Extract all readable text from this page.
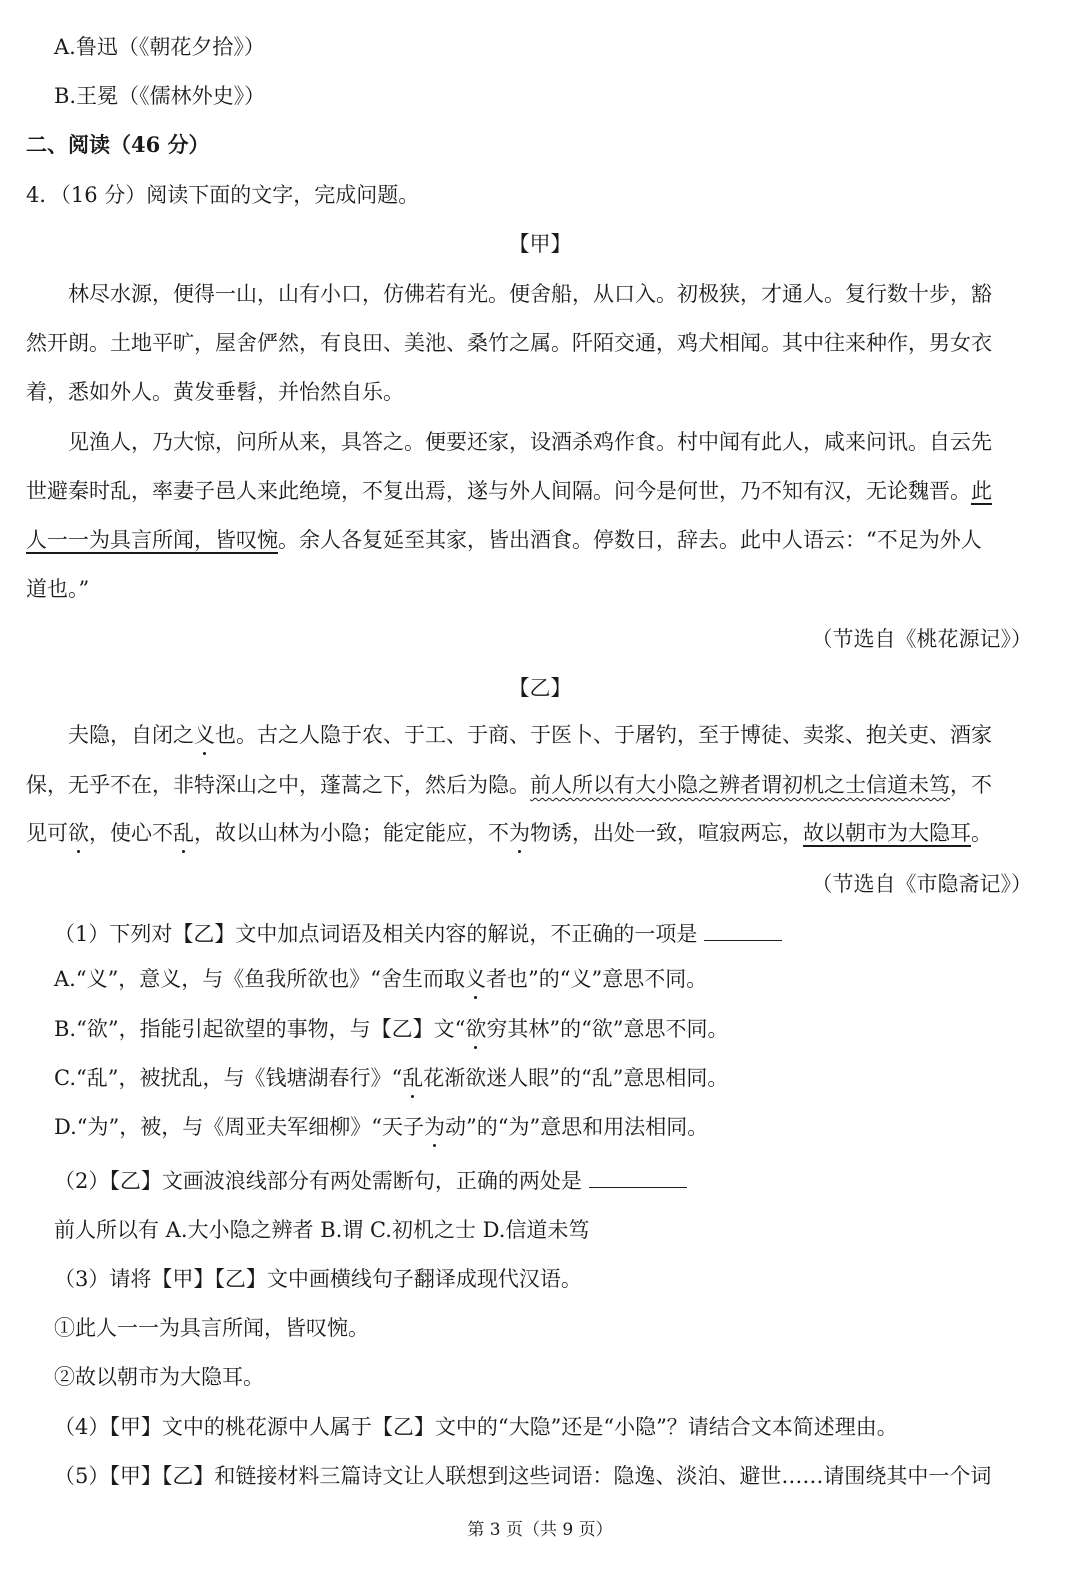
A.鲁迅（《朝花夕拾》）
B.王冕（《儒林外史》）
二、阅读（46 分）
4．（16 分）阅读下面的文字，完成问题。
【甲】
林尽水源，便得一山，山有小口，仿佛若有光。便舍船，从口入。初极狭，才通人。复行数十步，豁
然开朗。土地平旷，屋舍俨然，有良田、美池、桑竹之属。阡陌交通，鸡犬相闻。其中往来种作，男女衣
着，悉如外人。黄发垂髫，并怡然自乐。
见渔人，乃大惊，问所从来，具答之。便要还家，设酒杀鸡作食。村中闻有此人，咸来问讯。自云先
世避秦时乱，率妻子邑人来此绝境，不复出焉，遂与外人间隔。问今是何世，乃不知有汉，无论魏晋。此
人一一为具言所闻，皆叹惋。余人各复延至其家，皆出酒食。停数日，辞去。此中人语云：“不足为外人
道也。”
（节选自《桃花源记》）
【乙】
夫隐，自闭之义也。古之人隐于农、于工、于商、于医卜、于屠钓，至于博徒、卖浆、抱关吏、酒家
保，无乎不在，非特深山之中，蓬蒿之下，然后为隐。前人所以有大小隐之辨者谓初机之士信道未笃，不
见可欲，使心不乱，故以山林为小隐；能定能应，不为物诱，出处一致，喧寂两忘，故以朝市为大隐耳。
（节选自《市隐斋记》）
（1）下列对【乙】文中加点词语及相关内容的解说，不正确的一项是
A.“义”，意义，与《鱼我所欲也》“舍生而取义者也”的“义”意思不同。
B.“欲”，指能引起欲望的事物，与【乙】文“欲穷其林”的“欲”意思不同。
C.“乱”，被扰乱，与《钱塘湖春行》“乱花渐欲迷人眼”的“乱”意思相同。
D.“为”，被，与《周亚夫军细柳》“天子为动”的“为”意思和用法相同。
（2）【乙】文画波浪线部分有两处需断句，正确的两处是
前人所以有 A.大小隐之辨者 B.谓 C.初机之士 D.信道未笃
（3）请将【甲】【乙】文中画横线句子翻译成现代汉语。
①此人一一为具言所闻，皆叹惋。
②故以朝市为大隐耳。
（4）【甲】文中的桃花源中人属于【乙】文中的“大隐”还是“小隐”？请结合文本简述理由。
（5）【甲】【乙】和链接材料三篇诗文让人联想到这些词语：隐逸、淡泊、避世……请围绕其中一个词
第 3 页（共 9 页）
